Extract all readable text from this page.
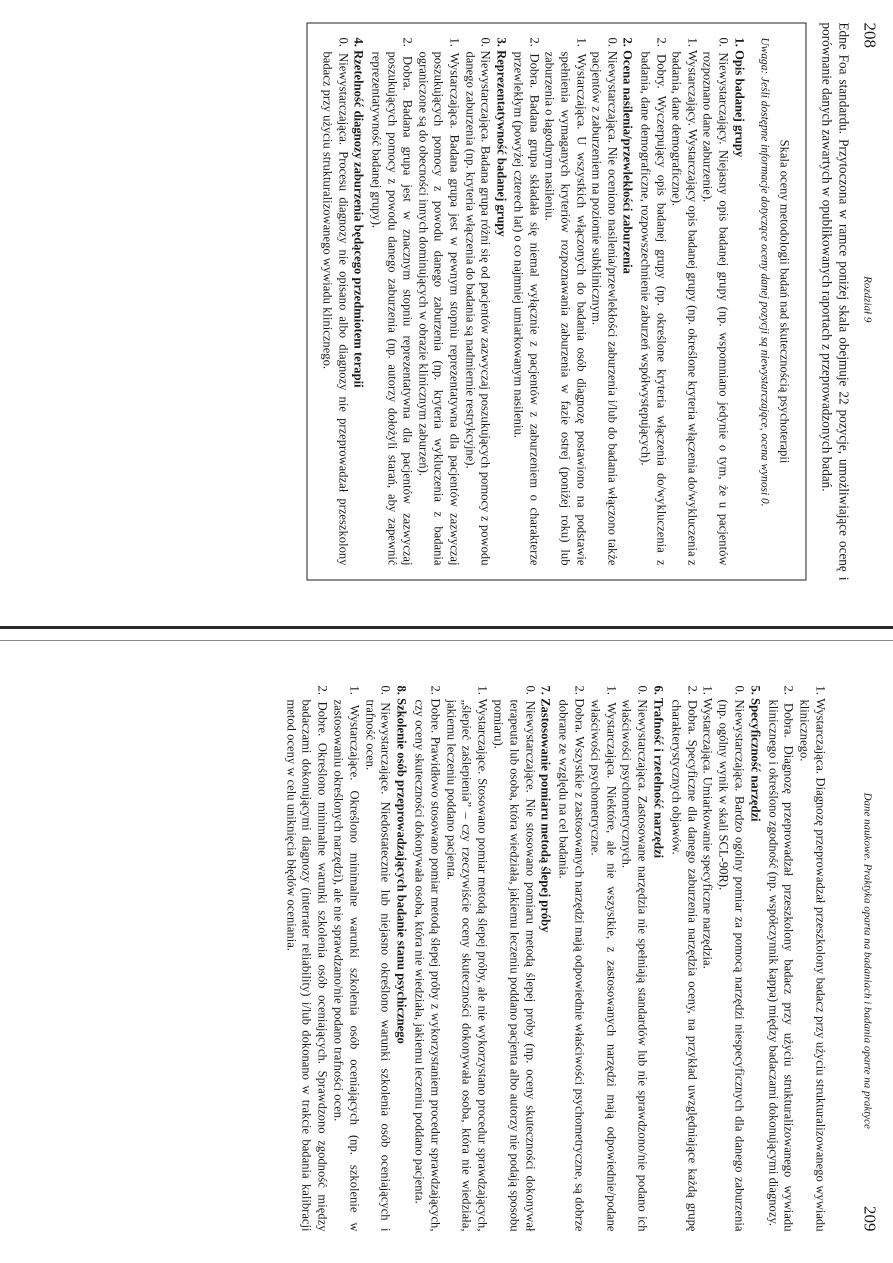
208
Rozdział 9

Edne Foa standardu. Przytoczona w ramce poniżej skala obejmuje 22 pozycje, umożliwiające ocenę i porównanie danych zawartych w opublikowanych raportach z przeprowadzonych badań.

Skala oceny metodologii badań nad skutecznością psychoterapii

Uwaga: Jeśli dostępne informacje dotyczące oceny danej pozycji są niewystarczające, ocena wynosi 0.

1. Opis badanej grupy

0. Niewystarczający. Niejasny opis badanej grupy (np. wspomniano jedynie o tym, że u pacjentów rozpoznano dane zaburzenie).

1. Wystarczający. Wystarczający opis badanej grupy (np. określone kryteria włączenia do/wykluczenia z badania, dane demograficzne).

2. Dobry. Wyczerpujący opis badanej grupy (np. określone kryteria włączenia do/wykluczenia z badania, dane demograficzne, rozpowszechnienie zaburzeń współwystępujących).

2. Ocena nasilenia/przewlekłości zaburzenia

0. Niewystarczająca. Nie oceniono nasilenia/przewlekłości zaburzenia i/lub do badania włączono także pacjentów z zaburzeniem na poziomie subklinicznym.

1. Wystarczająca. U wszystkich włączonych do badania osób diagnozę postawiono na podstawie spełnienia wymaganych kryteriów rozpoznawania zaburzenia w fazie ostrej (poniżej roku) lub zaburzenia o łagodnym nasileniu.

2. Dobra. Badana grupa składała się niemal wyłącznie z pacjentów z zaburzeniem o charakterze przewlekłym (powyżej czterech lat) o co najmniej umiarkowanym nasileniu.

3. Reprezentatywność badanej grupy

0. Niewystarczająca. Badana grupa różni się od pacjentów zazwyczaj poszukujących pomocy z powodu danego zaburzenia (np. kryteria włączenia do badania są nadmiernie restrykcyjne).

1. Wystarczająca. Badana grupa jest w pewnym stopniu reprezentatywna dla pacjentów zazwyczaj poszukujących pomocy z powodu danego zaburzenia (np. kryteria wykluczenia z badania ograniczone są do obecności innych dominujących w obrazie klinicznym zaburzeń).

2. Dobra. Badana grupa jest w znacznym stopniu reprezentatywna dla pacjentów zazwyczaj poszukujących pomocy z powodu danego zaburzenia (np. autorzy dołożyli starań, aby zapewnić reprezentatywność badanej grupy).

4. Rzetelność diagnozy zaburzenia będącego przedmiotem terapii

0. Niewystarczająca. Procesu diagnozy nie opisano albo diagnozy nie przeprowadzał przeszkolony badacz przy użyciu strukturalizowanego wywiadu klinicznego.

Dane naukowe. Praktyka oparta na badaniach i badania oparte na praktyce
209

1. Wystarczająca. Diagnozę przeprowadzał przeszkolony badacz przy użyciu strukturalizowanego wywiadu klinicznego.

2. Dobra. Diagnozę przeprowadzał przeszkolony badacz przy użyciu strukturalizowanego wywiadu klinicznego i określono zgodność (np. współczynnik kappa) między badaczami dokonującymi diagnozy.

5. Specyficzność narzędzi

0. Niewystarczająca. Bardzo ogólny pomiar za pomocą narzędzi niespecyficznych dla danego zaburzenia (np. ogólny wynik w skali SCL-90R).

1. Wystarczająca. Umiarkowanie specyficzne narzędzia.

2. Dobra. Specyficzne dla danego zaburzenia narzędzia oceny, na przykład uwzględniające każdą grupę charakterystycznych objawów.

6. Trafność i rzetelność narzędzi

0. Niewystarczająca. Zastosowane narzędzia nie spełniają standardów lub nie sprawdzono/nie podano ich właściwości psychometrycznych.

1. Wystarczająca. Niektóre, ale nie wszystkie, z zastosowanych narzędzi mają odpowiednie/podane właściwości psychometryczne.

2. Dobra. Wszystkie z zastosowanych narzędzi mają odpowiednie właściwości psychometryczne, są dobrze dobrane ze względu na cel badania.

7. Zastosowanie pomiaru metodą ślepej próby

0. Niewystarczające. Nie stosowano pomiaru metodą ślepej próby (np. oceny skuteczności dokonywał terapeuta lub osoba, która wiedziała, jakiemu leczeniu poddano pacjenta albo autorzy nie podają sposobu pomiaru).

1. Wystarczające. Stosowano pomiar metodą ślepej próby, ale nie wykorzystano procedur sprawdzających, „ślepieć zaślepienia” – czy rzeczywiście oceny skuteczności dokonywała osoba, która nie wiedziała, jakiemu leczeniu poddano pacjenta.

2. Dobre. Prawidłowo stosowano pomiar metodą ślepej próby z wykorzystaniem procedur sprawdzających, czy oceny skuteczności dokonywała osoba, która nie wiedziała, jakiemu leczeniu poddano pacjenta.

8. Szkolenie osób przeprowadzających badanie stanu psychicznego

0. Niewystarczające. Niedostatecznie lub niejasno określono warunki szkolenia osób oceniających i trafność ocen.

1. Wystarczające. Określono minimalne warunki szkolenia osób oceniających (np. szkolenie w zastosowaniu określonych narzędzi), ale nie sprawdzano/nie podano trafności ocen.

2. Dobre. Określono minimalne warunki szkolenia osób oceniających. Sprawdzono zgodność między badaczami dokonującymi diagnozy (interrater reliability) i/lub dokonano w trakcie badania kalibracji metod oceny w celu uniknięcia błędów oceniania.
